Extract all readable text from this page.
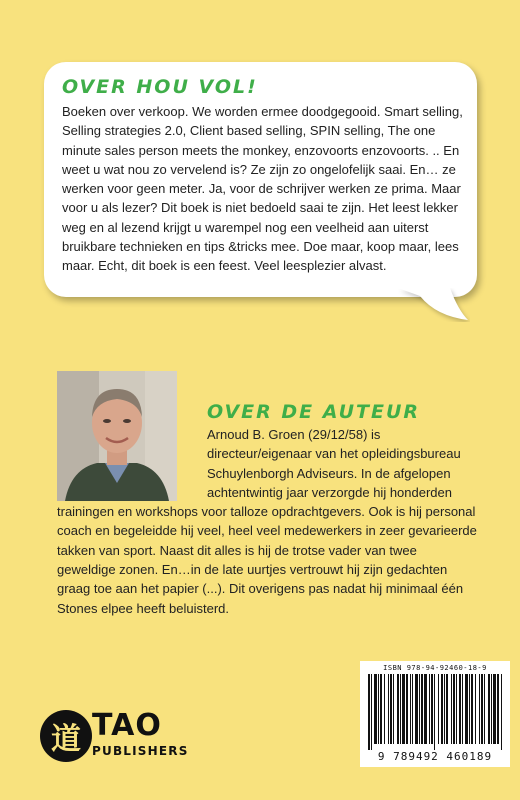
OVER HOU VOL!

Boeken over verkoop. We worden ermee doodgegooid. Smart selling, Selling strategies 2.0, Client based selling, SPIN selling, The one minute sales person meets the monkey, enzovoorts enzovoorts. .. En weet u wat nou zo vervelend is? Ze zijn zo ongelofelijk saai. En… ze werken voor geen meter. Ja, voor de schrijver werken ze prima. Maar voor u als lezer? Dit boek is niet bedoeld saai te zijn. Het leest lekker weg en al lezend krijgt u warempel nog een veelheid aan uiterst bruikbare technieken en tips &tricks mee. Doe maar, koop maar, lees maar. Echt, dit boek is een feest. Veel leesplezier alvast.

OVER DE AUTEUR

Arnoud B. Groen (29/12/58) is directeur/eigenaar van het opleidingsbureau Schuylenborgh Adviseurs. In de afgelopen achtentwintig jaar verzorgde hij honderden trainingen en workshops voor talloze opdrachtgevers. Ook is hij personal coach en begeleidde hij veel, heel veel medewerkers in zeer gevarieerde takken van sport. Naast dit alles is hij de trotse vader van twee geweldige zonen. En…in de late uurtjes vertrouwt hij zijn gedachten graag toe aan het papier (...). Dit overigens pas nadat hij minimaal één Stones elpee heeft beluisterd.

ISBN 978-94-92460-18-9
9 789492 460189
道 TAO
PUBLISHERS
